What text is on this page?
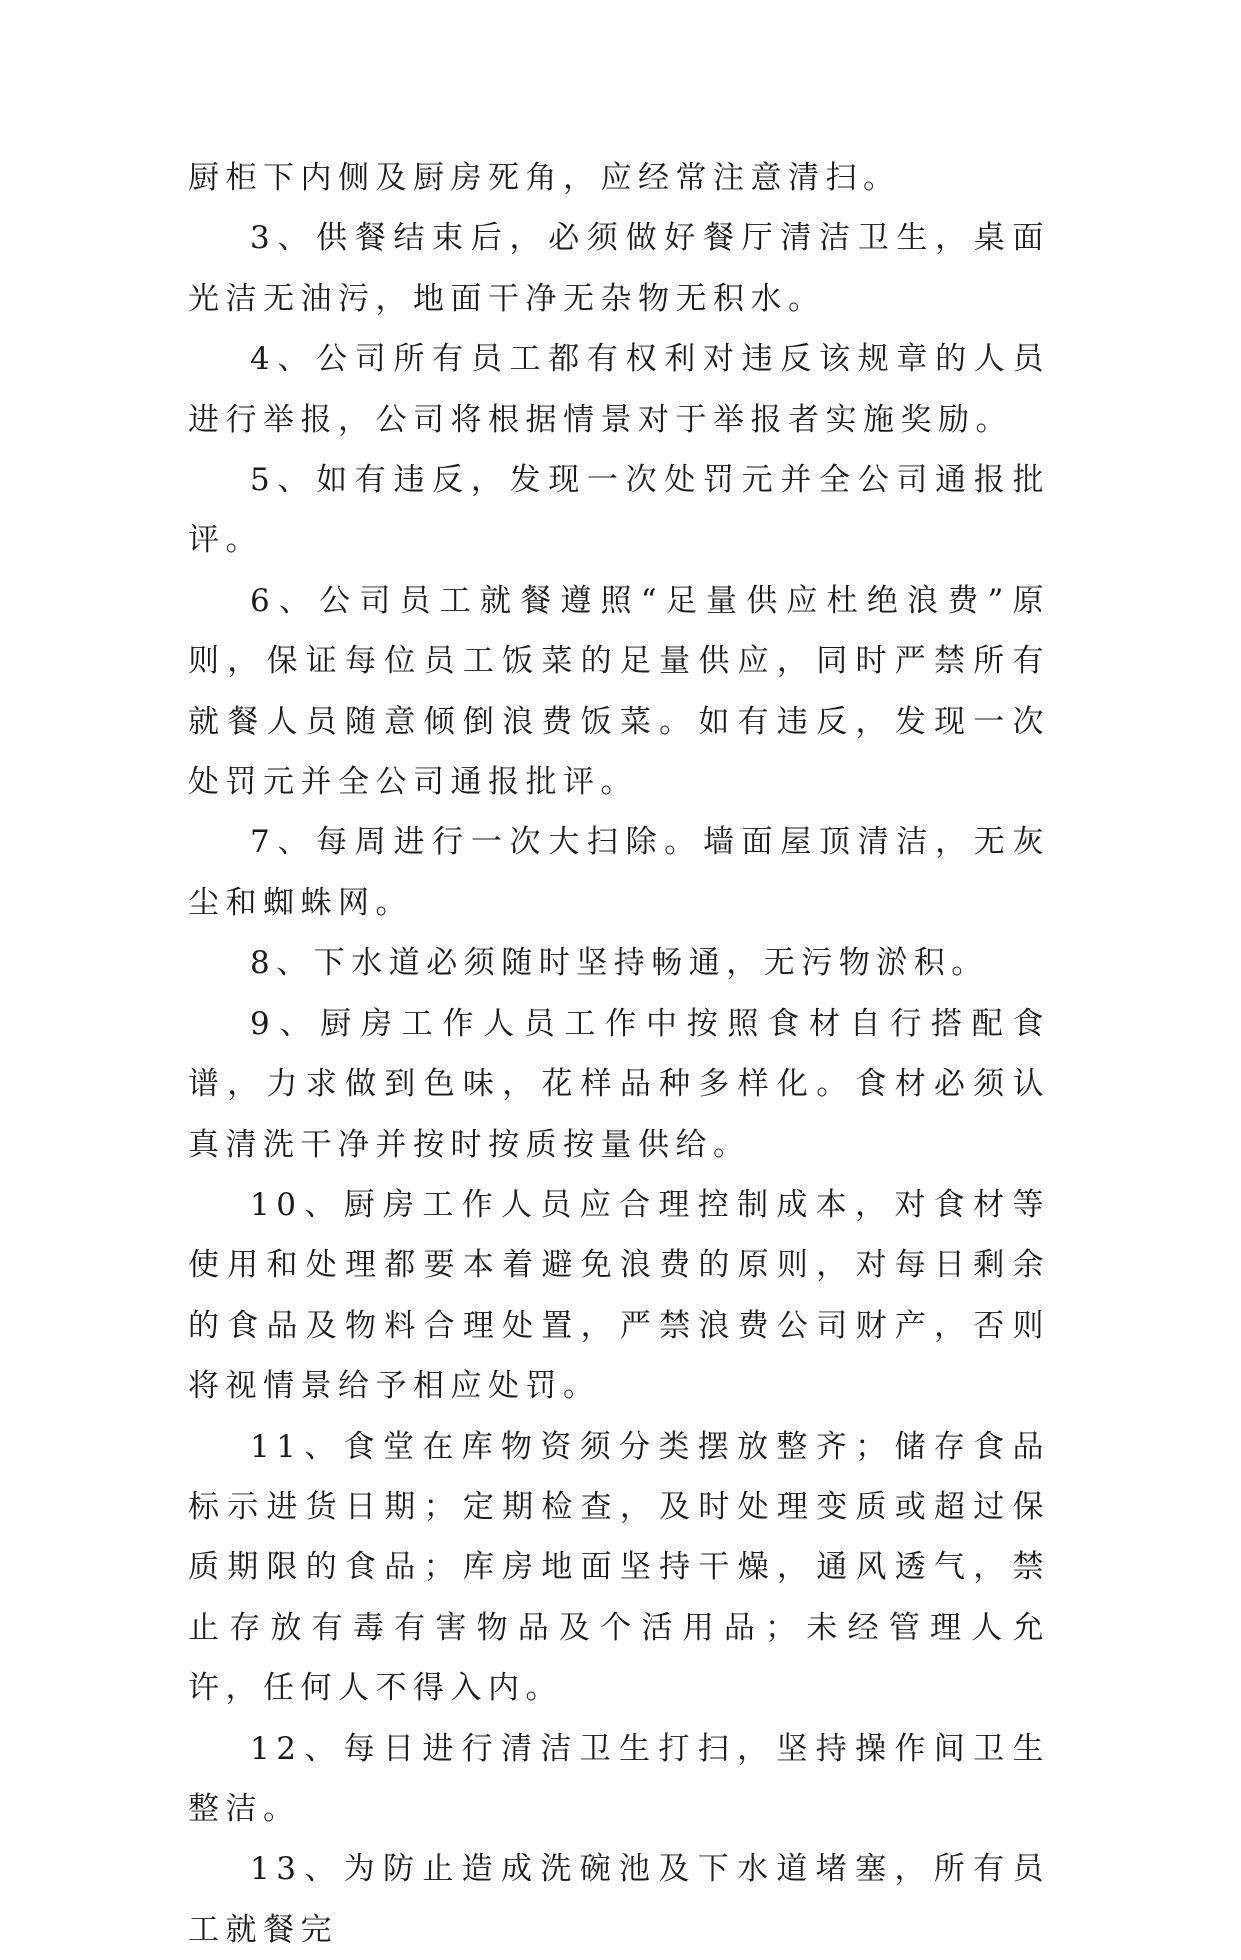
厨柜下内侧及厨房死角，应经常注意清扫。

3、供餐结束后，必须做好餐厅清洁卫生，桌面光洁无油污，地面干净无杂物无积水。

4、公司所有员工都有权利对违反该规章的人员进行举报，公司将根据情景对于举报者实施奖励。

5、如有违反，发现一次处罚元并全公司通报批评。

6、公司员工就餐遵照“足量供应杜绝浪费”原则，保证每位员工饭菜的足量供应，同时严禁所有就餐人员随意倾倒浪费饭菜。如有违反，发现一次处罚元并全公司通报批评。

7、每周进行一次大扫除。墙面屋顶清洁，无灰尘和蜘蛛网。

8、下水道必须随时坚持畅通，无污物淤积。

9、厨房工作人员工作中按照食材自行搭配食谱，力求做到色味，花样品种多样化。食材必须认真清洗干净并按时按质按量供给。

10、厨房工作人员应合理控制成本，对食材等使用和处理都要本着避免浪费的原则，对每日剩余的食品及物料合理处置，严禁浪费公司财产，否则将视情景给予相应处罚。

11、食堂在库物资须分类摆放整齐；储存食品标示进货日期；定期检查，及时处理变质或超过保质期限的食品；库房地面坚持干燥，通风透气，禁止存放有毒有害物品及个活用品；未经管理人允许，任何人不得入内。

12、每日进行清洁卫生打扫，坚持操作间卫生整洁。

13、为防止造成洗碗池及下水道堵塞，所有员工就餐完
